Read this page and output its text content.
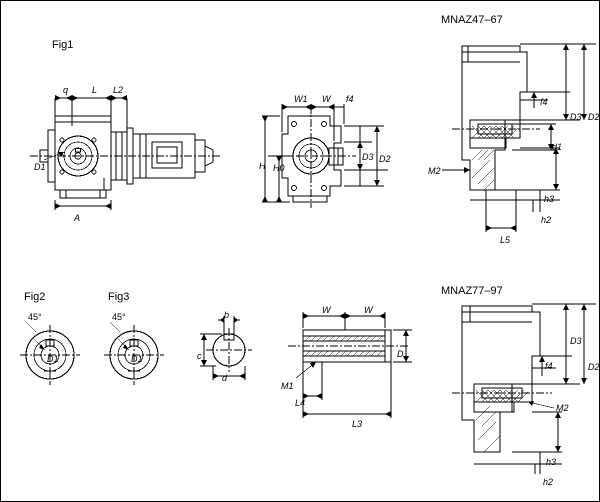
Fig1
q	L L2
D1
A
W1 W f4
H H0
D3 D2
MNAZ47–67
f4
D3 D2
d1
M2
h3
h2
L5
Fig2	Fig3
45°	45°
D1	D1
b
c
d
W	W
D
M1
L4
L3
MNAZ77–97
f4
D3
D2
M2
h3
h2
